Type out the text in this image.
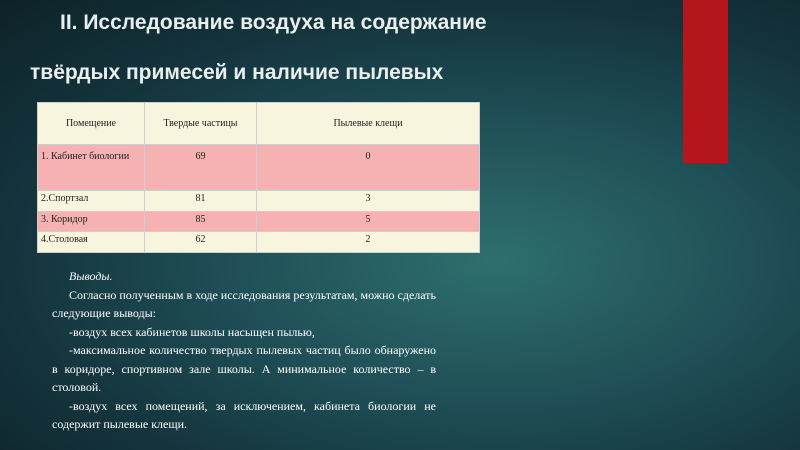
II. Исследование воздуха на содержание
твёрдых примесей и наличие пылевых

Помещение	Твердые частицы	Пылевые клещи
1. Кабинет биологии	69	0
2.Спортзал	81	3
3. Коридор	85	5
4.Столовая	62	2

Выводы.

Согласно полученным в ходе исследования результатам, можно сделать следующие выводы:

-воздух всех кабинетов школы насыщен пылью,

-максимальное количество твердых пылевых частиц было обнаружено в коридоре, спортивном зале школы. А минимальное количество – в столовой.

-воздух всех помещений, за исключением, кабинета биологии не содержит пылевые клещи.
